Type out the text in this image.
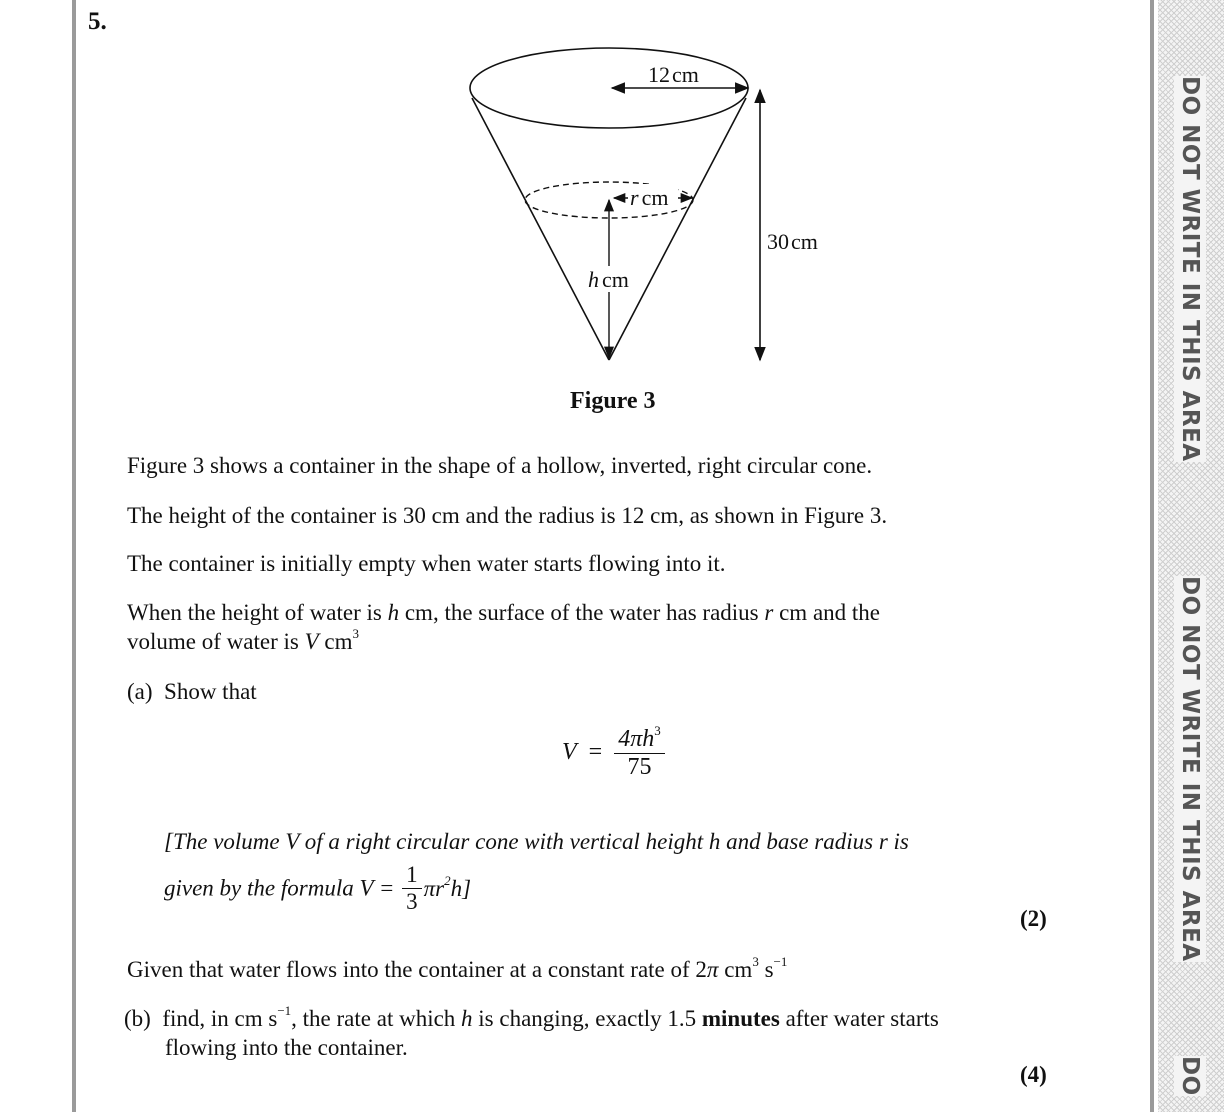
DO NOT WRITE IN THIS AREA
DO NOT WRITE IN THIS AREA
DO
5.
12cm
30cm
r cm
h cm
Figure 3
Figure 3 shows a container in the shape of a hollow, inverted, right circular cone.
The height of the container is 30 cm and the radius is 12 cm, as shown in Figure 3.
The container is initially empty when water starts flowing into it.
When the height of water is h cm, the surface of the water has radius r cm and the
volume of water is V $cm^3$
(a) Show that
$V = \frac{4\pi h^3}{75}$
[The volume V of a right circular cone with vertical height h and base radius r is
given by the formula $V = \frac{1}{3} \pi r^2h$]
(2)
Given that water flows into the container at a constant rate of 2π $cm^3$ $s^{-1}$
(b) find, in cm $s^{-1}$, the rate at which h is changing, exactly 1.5 minutes after water starts
flowing into the container.
(4)
